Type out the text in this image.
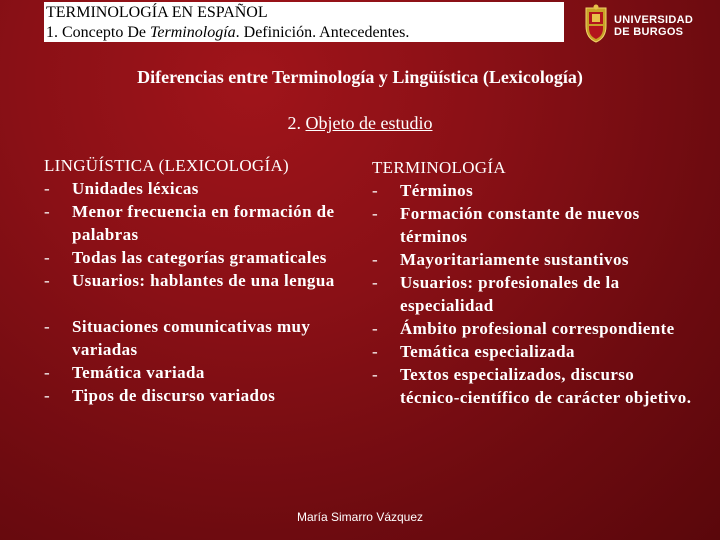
TERMINOLOGÍA EN ESPAÑOL
1. Concepto De Terminología. Definición. Antecedentes.
UNIVERSIDAD
DE BURGOS
Diferencias entre Terminología y Lingüística (Lexicología)
2. Objeto de estudio
LINGÜÍSTICA (LEXICOLOGÍA)
- Unidades léxicas
- Menor frecuencia en formación de palabras
- Todas las categorías gramaticales
- Usuarios: hablantes de una lengua
- Situaciones comunicativas muy variadas
- Temática variada
- Tipos de discurso variados
TERMINOLOGÍA
- Términos
- Formación constante de nuevos términos
- Mayoritariamente sustantivos
- Usuarios: profesionales de la especialidad
- Ámbito profesional correspondiente
- Temática especializada
- Textos especializados, discurso técnico-científico de carácter objetivo.
María Simarro Vázquez
